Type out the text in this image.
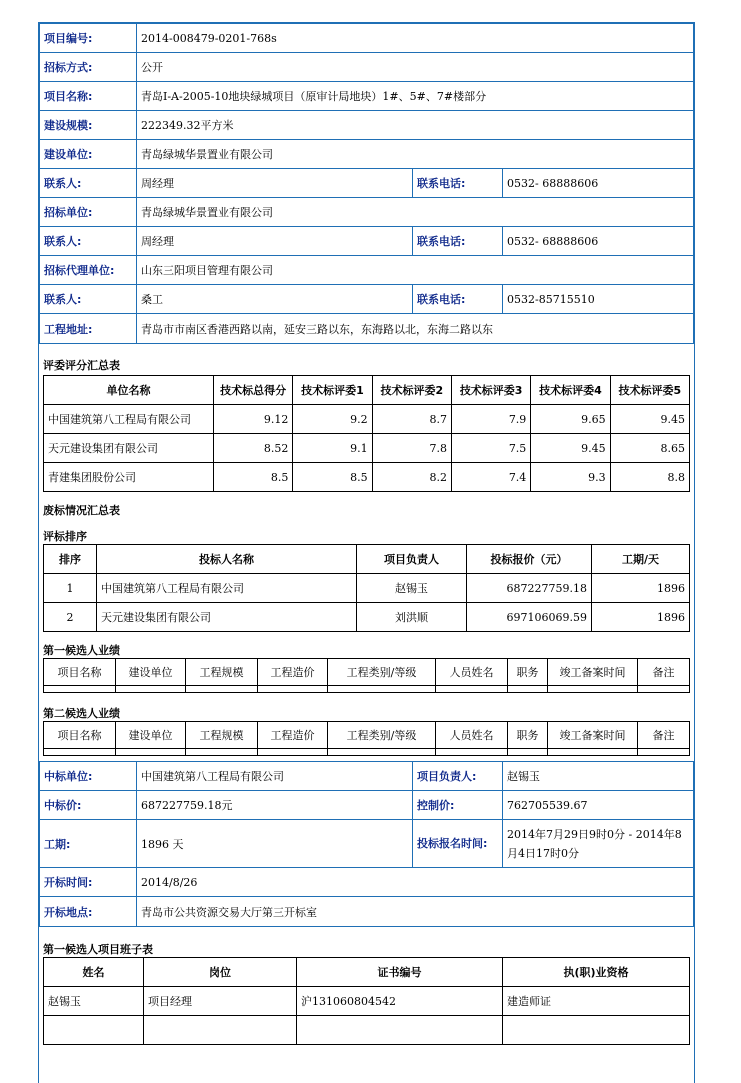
项目编号:	2014-008479-0201-768s		
招标方式:	公开		
项目名称:	青岛I-A-2005-10地块绿城项目（原审计局地块）1#、5#、7#楼部分		
建设规模:	222349.32平方米		
建设单位:	青岛绿城华景置业有限公司		
联系人:	周经理	联系电话:	0532- 68888606
招标单位:	青岛绿城华景置业有限公司		
联系人:	周经理	联系电话:	0532- 68888606
招标代理单位:	山东三阳项目管理有限公司		
联系人:	桑工	联系电话:	0532-85715510
工程地址:	青岛市市南区香港西路以南，延安三路以东，东海路以北，东海二路以东		
评委评分汇总表
单位名称	技术标总得分	技术标评委1	技术标评委2	技术标评委3	技术标评委4	技术标评委5
中国建筑第八工程局有限公司	9.12	9.2	8.7	7.9	9.65	9.45
天元建设集团有限公司	8.52	9.1	7.8	7.5	9.45	8.65
青建集团股份公司	8.5	8.5	8.2	7.4	9.3	8.8
废标情况汇总表
评标排序
排序	投标人名称	项目负责人	投标报价（元）	工期/天
1	中国建筑第八工程局有限公司	赵锡玉	687227759.18	1896
2	天元建设集团有限公司	刘洪顺	697106069.59	1896
第一候选人业绩
项目名称	建设单位	工程规模	工程造价	工程类别/等级	人员姓名	职务	竣工备案时间	备注

第二候选人业绩
项目名称	建设单位	工程规模	工程造价	工程类别/等级	人员姓名	职务	竣工备案时间	备注

中标单位:	中国建筑第八工程局有限公司	项目负责人:	赵锡玉
中标价:	687227759.18元	控制价:	762705539.67
工期:	1896 天	投标报名时间:	2014年7月29日9时0分 - 2014年8月4日17时0分
开标时间:	2014/8/26		
开标地点:	青岛市公共资源交易大厅第三开标室		
第一候选人项目班子表
姓名	岗位	证书编号	执(职)业资格
赵锡玉	项目经理	沪131060804542	建造师证
